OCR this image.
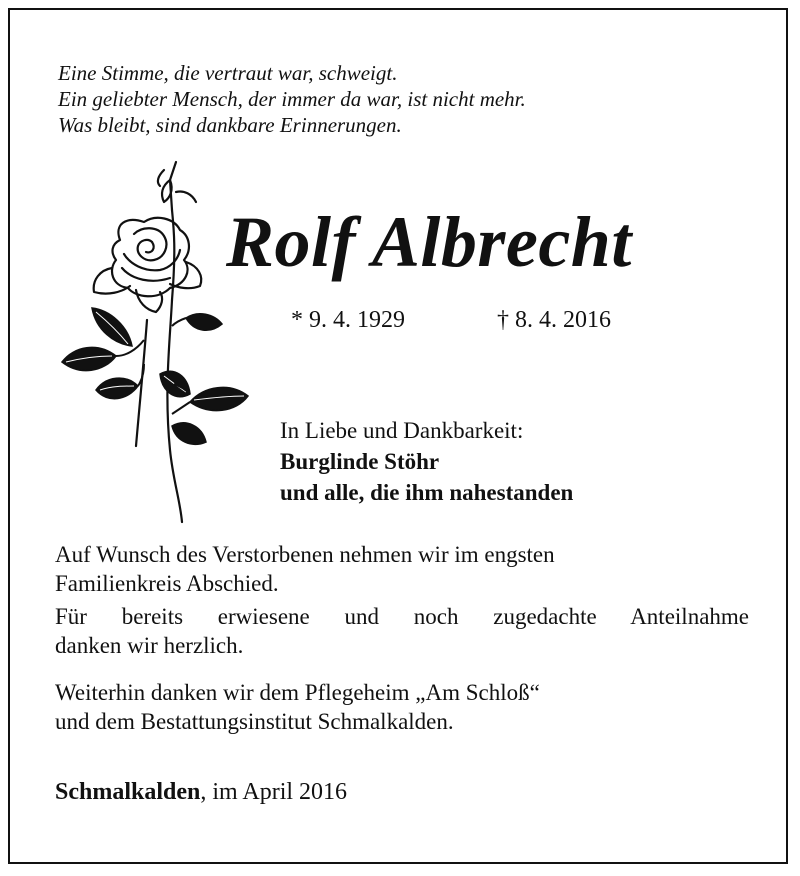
Eine Stimme, die vertraut war, schweigt.
Ein geliebter Mensch, der immer da war, ist nicht mehr.
Was bleibt, sind dankbare Erinnerungen.
Rolf Albrecht
* 9. 4. 1929	† 8. 4. 2016
In Liebe und Dankbarkeit:
Burglinde Stöhr
und alle, die ihm nahestanden
Auf Wunsch des Verstorbenen nehmen wir im engsten
Familienkreis Abschied.
Für bereits erwiesene und noch zugedachte Anteilnahme
danken wir herzlich.
Weiterhin danken wir dem Pflegeheim „Am Schloß“
und dem Bestattungsinstitut Schmalkalden.
Schmalkalden, im April 2016
